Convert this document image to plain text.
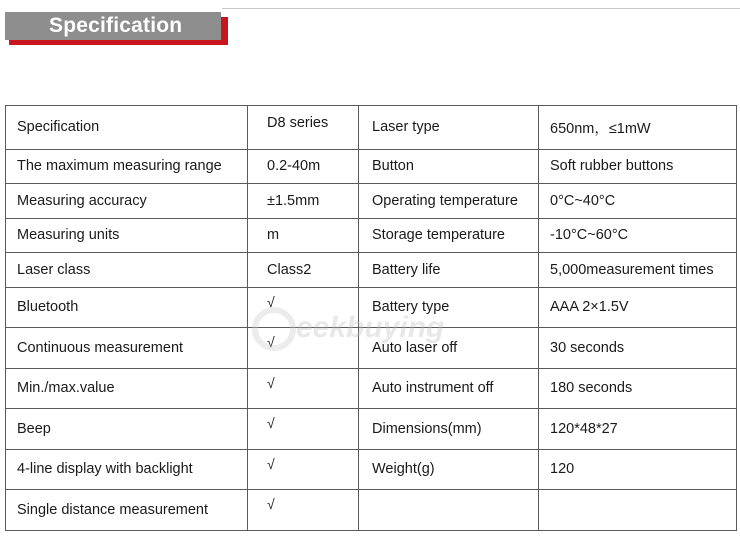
Specification
Specification	D8 series	Laser type	650nm，≤1mW
The maximum measuring range	0.2-40m	Button	Soft rubber buttons
Measuring accuracy	±1.5mm	Operating temperature	0°C~40°C
Measuring units	m	Storage temperature	-10°C~60°C
Laser class	Class2	Battery life	5,000measurement times
Bluetooth	√	Battery type	AAA 2×1.5V
Continuous measurement	√	Auto laser off	30 seconds
Min./max.value	√	Auto instrument off	180 seconds
Beep	√	Dimensions(mm)	120*48*27
4-line display with backlight	√	Weight(g)	120
Single distance measurement	√		
eekbuying
